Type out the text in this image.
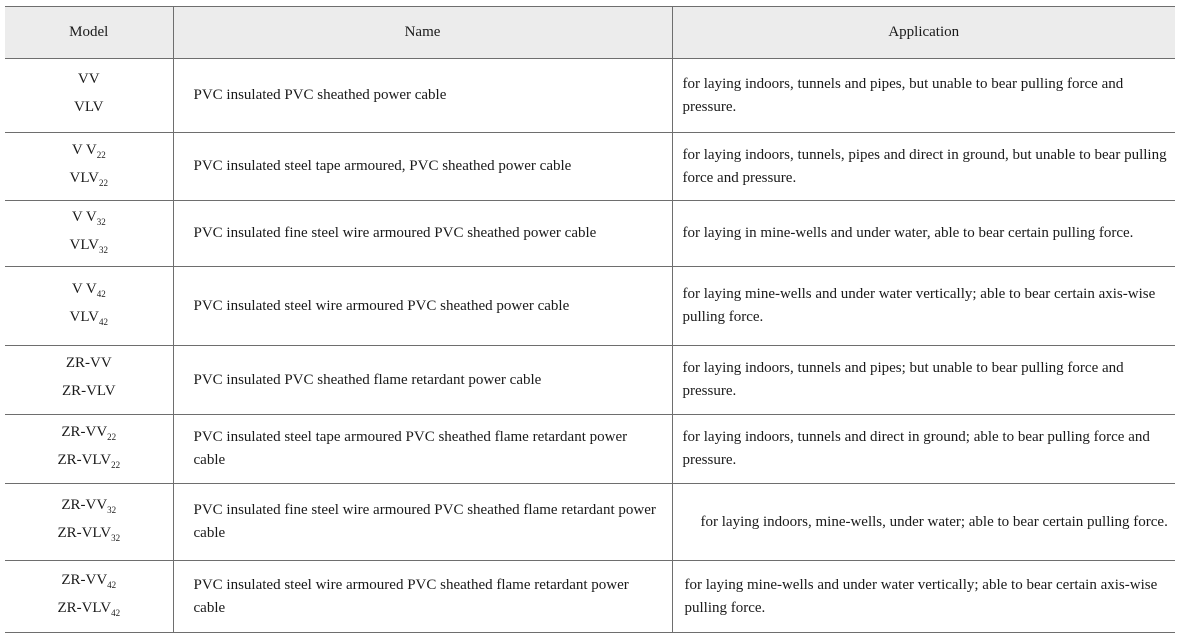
Model	Name	Application

VV
VLV	PVC insulated PVC sheathed power cable	for laying indoors, tunnels and pipes, but unable to bear pulling force and pressure.

V $V_{22}$
$VLV_{22}$	PVC insulated steel tape armoured, PVC sheathed power cable	for laying indoors, tunnels, pipes and direct in ground, but unable to bear pulling force and pressure.

V $V_{32}$
$VLV_{32}$	PVC insulated fine steel wire armoured PVC sheathed power cable	for laying in mine-wells and under water, able to bear certain pulling force.

V $V_{42}$
$VLV_{42}$	PVC insulated steel wire armoured PVC sheathed power cable	for laying mine-wells and under water vertically; able to bear certain axis-wise pulling force.

ZR-VV
ZR-VLV	PVC insulated PVC sheathed flame retardant power cable	for laying indoors, tunnels and pipes; but unable to bear pulling force and pressure.

$ZR-VV_{22}$
$ZR-VLV_{22}$	PVC insulated steel tape armoured PVC sheathed flame retardant power cable	for laying indoors, tunnels and direct in ground; able to bear pulling force and pressure.

$ZR-VV_{32}$
$ZR-VLV_{32}$	PVC insulated fine steel wire armoured PVC sheathed flame retardant power cable	for laying indoors, mine-wells, under water; able to bear certain pulling force.

$ZR-VV_{42}$
$ZR-VLV_{42}$	PVC insulated steel wire armoured PVC sheathed flame retardant power cable	for laying mine-wells and under water vertically; able to bear certain axis-wise pulling force.
